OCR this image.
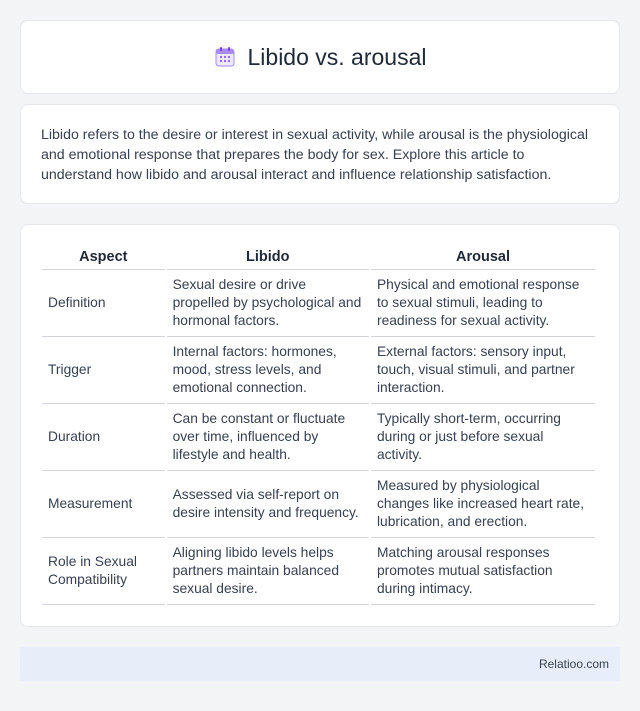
Libido vs. arousal

Libido refers to the desire or interest in sexual activity, while arousal is the physiological and emotional response that prepares the body for sex. Explore this article to understand how libido and arousal interact and influence relationship satisfaction.

Aspect	Libido	Arousal
Definition	Sexual desire or drive propelled by psychological and hormonal factors.	Physical and emotional response to sexual stimuli, leading to readiness for sexual activity.
Trigger	Internal factors: hormones, mood, stress levels, and emotional connection.	External factors: sensory input, touch, visual stimuli, and partner interaction.
Duration	Can be constant or fluctuate over time, influenced by lifestyle and health.	Typically short-term, occurring during or just before sexual activity.
Measurement	Assessed via self-report on desire intensity and frequency.	Measured by physiological changes like increased heart rate, lubrication, and erection.
Role in Sexual Compatibility	Aligning libido levels helps partners maintain balanced sexual desire.	Matching arousal responses promotes mutual satisfaction during intimacy.
Relatioo.com
